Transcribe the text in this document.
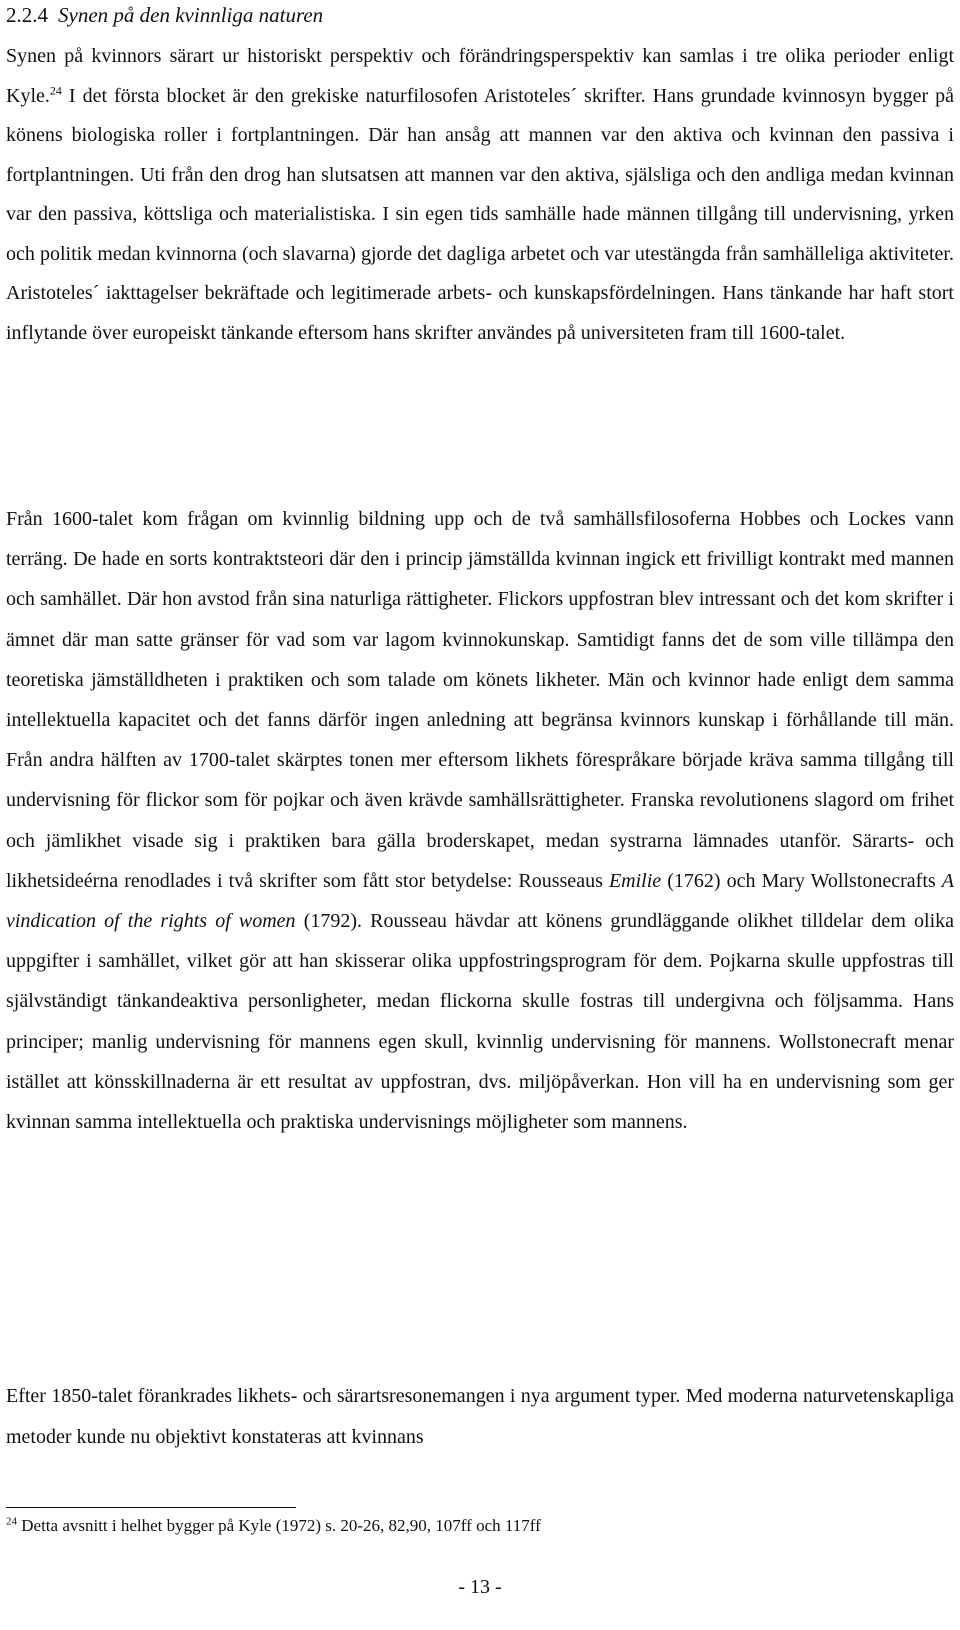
2.2.4 Synen på den kvinnliga naturen

Synen på kvinnors särart ur historiskt perspektiv och förändringsperspektiv kan samlas i tre olika perioder enligt Kyle.$^{24}$ I det första blocket är den grekiske naturfilosofen Aristoteles´ skrifter. Hans grundade kvinnosyn bygger på könens biologiska roller i fortplantningen. Där han ansåg att mannen var den aktiva och kvinnan den passiva i fortplantningen. Uti från den drog han slutsatsen att mannen var den aktiva, själsliga och den andliga medan kvinnan var den passiva, köttsliga och materialistiska. I sin egen tids samhälle hade männen tillgång till undervisning, yrken och politik medan kvinnorna (och slavarna) gjorde det dagliga arbetet och var utestängda från samhälleliga aktiviteter. Aristoteles´ iakttagelser bekräftade och legitimerade arbets- och kunskapsfördelningen. Hans tänkande har haft stort inflytande över europeiskt tänkande eftersom hans skrifter användes på universiteten fram till 1600-talet.

Från 1600-talet kom frågan om kvinnlig bildning upp och de två samhällsfilosoferna Hobbes och Lockes vann terräng. De hade en sorts kontraktsteori där den i princip jämställda kvinnan ingick ett frivilligt kontrakt med mannen och samhället. Där hon avstod från sina naturliga rättigheter. Flickors uppfostran blev intressant och det kom skrifter i ämnet där man satte gränser för vad som var lagom kvinnokunskap. Samtidigt fanns det de som ville tillämpa den teoretiska jämställdheten i praktiken och som talade om könets likheter. Män och kvinnor hade enligt dem samma intellektuella kapacitet och det fanns därför ingen anledning att begränsa kvinnors kunskap i förhållande till män. Från andra hälften av 1700-talet skärptes tonen mer eftersom likhets förespråkare började kräva samma tillgång till undervisning för flickor som för pojkar och även krävde samhällsrättigheter. Franska revolutionens slagord om frihet och jämlikhet visade sig i praktiken bara gälla broderskapet, medan systrarna lämnades utanför. Särarts- och likhetsideérna renodlades i två skrifter som fått stor betydelse: Rousseaus Emilie (1762) och Mary Wollstonecrafts A vindication of the rights of women (1792). Rousseau hävdar att könens grundläggande olikhet tilldelar dem olika uppgifter i samhället, vilket gör att han skisserar olika uppfostringsprogram för dem. Pojkarna skulle uppfostras till självständigt tänkandeaktiva personligheter, medan flickorna skulle fostras till undergivna och följsamma. Hans principer; manlig undervisning för mannens egen skull, kvinnlig undervisning för mannens. Wollstonecraft menar istället att könsskillnaderna är ett resultat av uppfostran, dvs. miljöpåverkan. Hon vill ha en undervisning som ger kvinnan samma intellektuella och praktiska undervisnings möjligheter som mannens.

Efter 1850-talet förankrades likhets- och särartsresonemangen i nya argument typer. Med moderna naturvetenskapliga metoder kunde nu objektivt konstateras att kvinnans

$^{24}$ Detta avsnitt i helhet bygger på Kyle (1972) s. 20-26, 82,90, 107ff och 117ff
- 13 -
